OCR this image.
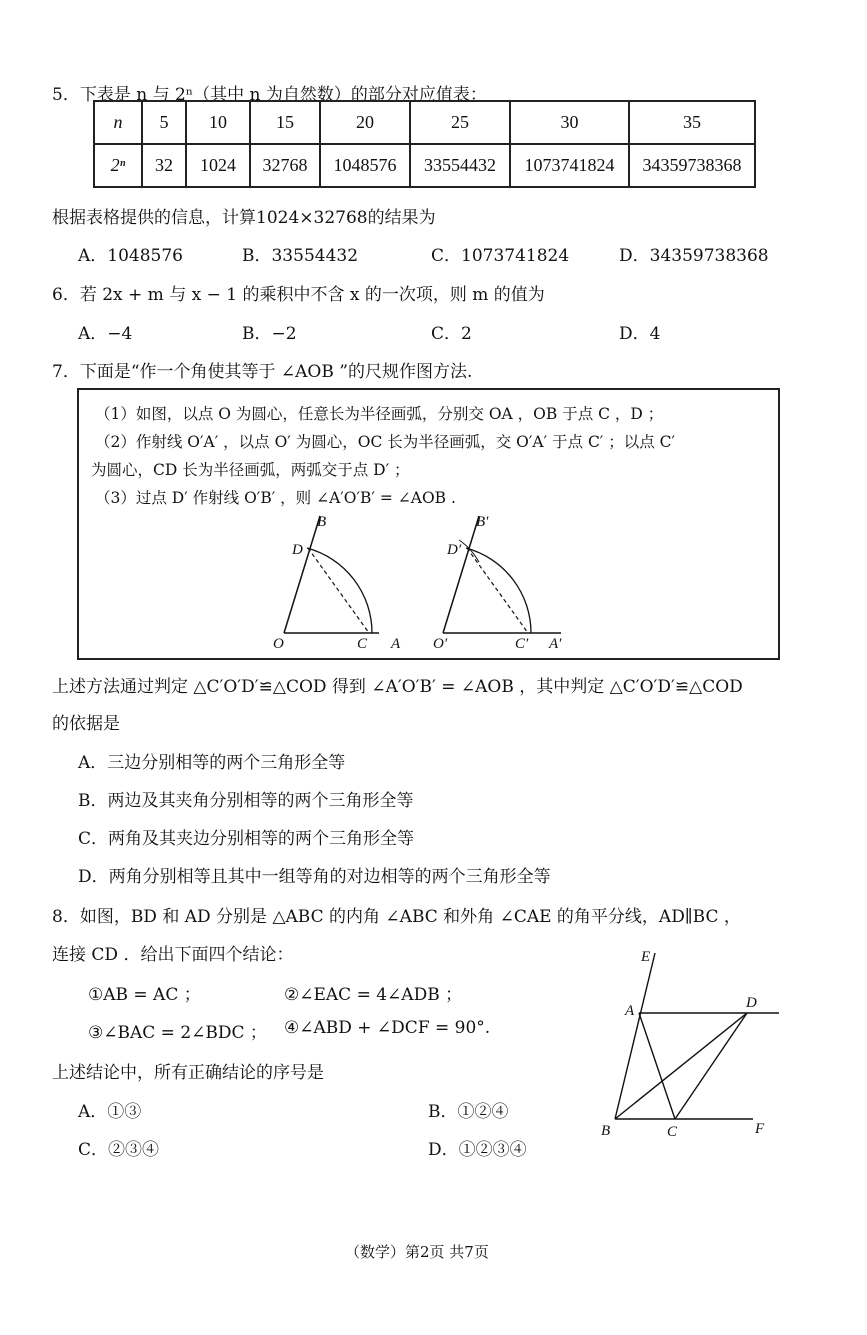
5．下表是 n 与 2ⁿ（其中 n 为自然数）的部分对应值表：
n	5	10	15	20	25	30	35
2ⁿ	32	1024	32768	1048576	33554432	1073741824	34359738368
根据表格提供的信息，计算1024×32768的结果为
A．1048576	B．33554432	C．1073741824	D．34359738368
6．若 2x + m 与 x − 1 的乘积中不含 x 的一次项，则 m 的值为
A．−4	B．−2	C．2	D．4
7．下面是“作一个角使其等于 ∠AOB ”的尺规作图方法.
（1）如图，以点 O 为圆心，任意长为半径画弧，分别交 OA ，OB 于点 C ，D ；
（2）作射线 O′A′ ，以点 O′ 为圆心，OC 长为半径画弧，交 O′A′ 于点 C′ ；以点 C′
为圆心，CD 长为半径画弧，两弧交于点 D′ ；
（3）过点 D′ 作射线 O′B′ ，则 ∠A′O′B′ = ∠AOB .
B
D
O	C A
B′
D′
O′	C′ A′
上述方法通过判定 △C′O′D′≌△COD 得到 ∠A′O′B′ = ∠AOB ，其中判定 △C′O′D′≌△COD
的依据是
A．三边分别相等的两个三角形全等
B．两边及其夹角分别相等的两个三角形全等
C．两角及其夹边分别相等的两个三角形全等
D．两角分别相等且其中一组等角的对边相等的两个三角形全等
8．如图，BD 和 AD 分别是 △ABC 的内角 ∠ABC 和外角 ∠CAE 的角平分线，AD∥BC ，
连接 CD ．给出下面四个结论：
①AB = AC ；	②∠EAC = 4∠ADB ；
③∠BAC = 2∠BDC ； ④∠ABD + ∠DCF = 90°.
上述结论中，所有正确结论的序号是
A．①③	B．①②④
C．②③④	D．①②③④
E
A	D
B	C	F
（数学）第2页 共7页
